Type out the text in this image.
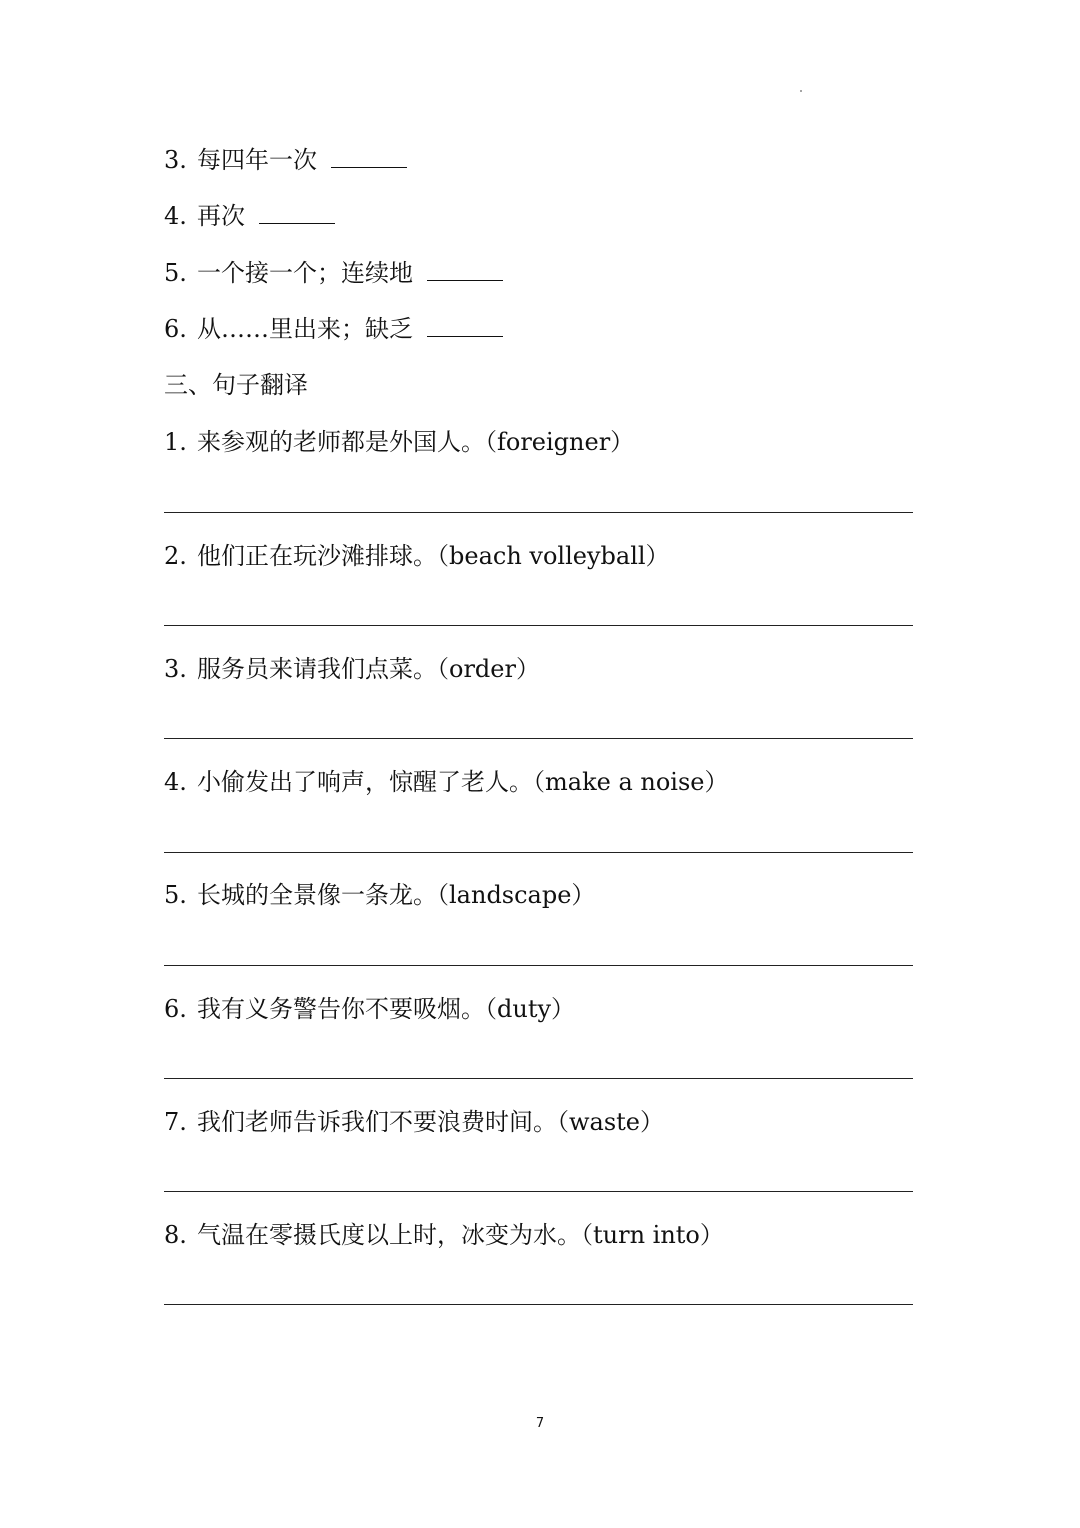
3. 每四年一次
4. 再次
5. 一个接一个；连续地
6. 从……里出来；缺乏
三、句子翻译
1. 来参观的老师都是外国人。（foreigner）
2. 他们正在玩沙滩排球。（beach volleyball）
3. 服务员来请我们点菜。（order）
4. 小偷发出了响声，惊醒了老人。（make a noise）
5. 长城的全景像一条龙。（landscape）
6. 我有义务警告你不要吸烟。（duty）
7. 我们老师告诉我们不要浪费时间。（waste）
8. 气温在零摄氏度以上时，冰变为水。（turn into）
7
